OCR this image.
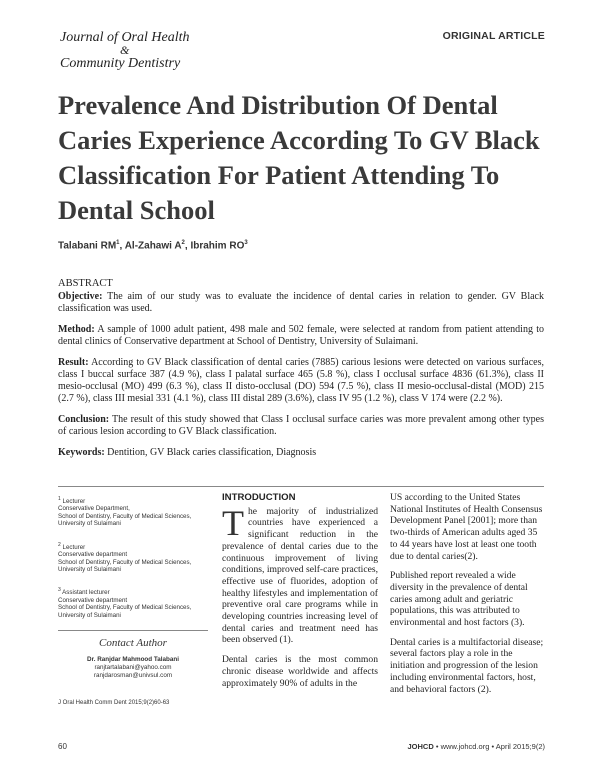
Journal of Oral Health
&
Community Dentistry
ORIGINAL ARTICLE
Prevalence And Distribution Of Dental Caries Experience According To GV Black Classification For Patient Attending To Dental School
Talabani $RM^1$, Al-Zahawi $A^2$, Ibrahim $RO^3$
ABSTRACT

Objective: The aim of our study was to evaluate the incidence of dental caries in relation to gender. GV Black classification was used.

Method: A sample of 1000 adult patient, 498 male and 502 female, were selected at random from patient attending to dental clinics of Conservative department at School of Dentistry, University of Sulaimani.

Result: According to GV Black classification of dental caries (7885) carious lesions were detected on various surfaces, class I buccal surface 387 (4.9 %), class I palatal surface 465 (5.8 %), class I occlusal surface 4836 (61.3%), class II mesio-occlusal (MO) 499 (6.3 %), class II disto-occlusal (DO) 594 (7.5 %), class II mesio-occlusal-distal (MOD) 215 (2.7 %), class III mesial 331 (4.1 %), class III distal 289 (3.6%), class IV 95 (1.2 %), class V 174 were (2.2 %).

Conclusion: The result of this study showed that Class I occlusal surface caries was more prevalent among other types of carious lesion according to GV Black classification.

Keywords: Dentition, GV Black caries classification, Diagnosis

$^1$ Lecturer
Conservative Department,
School of Dentistry, Faculty of Medical Sciences,
University of Sulaimani
$^2$ Lecturer
Conservative department
School of Dentistry, Faculty of Medical Sciences,
University of Sulaimani
$^3$ Assistant lecturer
Conservative department
School of Dentistry, Faculty of Medical Sciences,
University of Sulaimani
Contact Author
Dr. Ranjdar Mahmood Talabani
ranjtartalabani@yahoo.com
ranjdarosman@univsul.com
J Oral Health Comm Dent 2015;9(2)60-63
INTRODUCTION

The majority of industrialized countries have experienced a significant reduction in the prevalence of dental caries due to the continuous improvement of living conditions, improved self-care practices, effective use of fluorides, adoption of healthy lifestyles and implementation of preventive oral care programs while in developing countries increasing level of dental caries and treatment need has been observed (1).

Dental caries is the most common chronic disease worldwide and affects approximately 90% of adults in the

US according to the United States National Institutes of Health Consensus Development Panel [2001]; more than two-thirds of American adults aged 35 to 44 years have lost at least one tooth due to dental caries(2).

Published report revealed a wide diversity in the prevalence of dental caries among adult and geriatric populations, this was attributed to environmental and host factors (3).

Dental caries is a multifactorial disease; several factors play a role in the initiation and progression of the lesion including environmental factors, host, and behavioral factors (2).

60	JOHCD • www.johcd.org • April 2015;9(2)
